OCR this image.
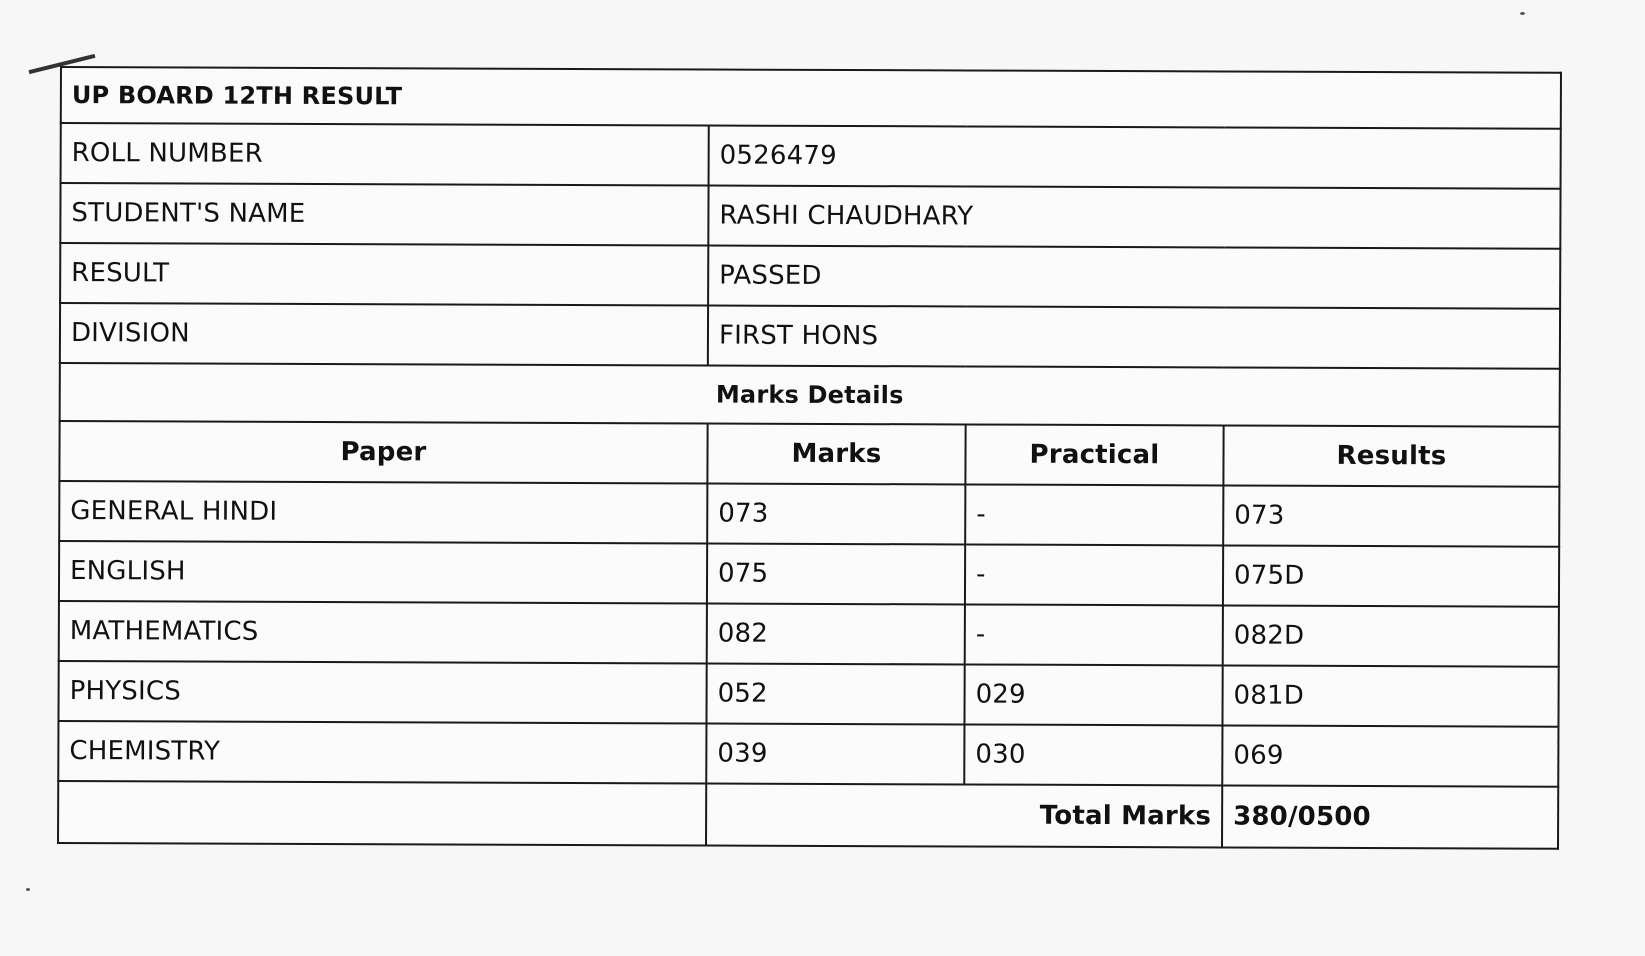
UP BOARD 12TH RESULT			
ROLL NUMBER	0526479		
STUDENT'S NAME	RASHI CHAUDHARY		
RESULT	PASSED		
DIVISION	FIRST HONS		
Marks Details			
Paper	Marks	Practical	Results
GENERAL HINDI	073	-	073
ENGLISH	075	-	075D
MATHEMATICS	082	-	082D
PHYSICS	052	029	081D
CHEMISTRY	039	030	069
	Total Marks		380/0500
